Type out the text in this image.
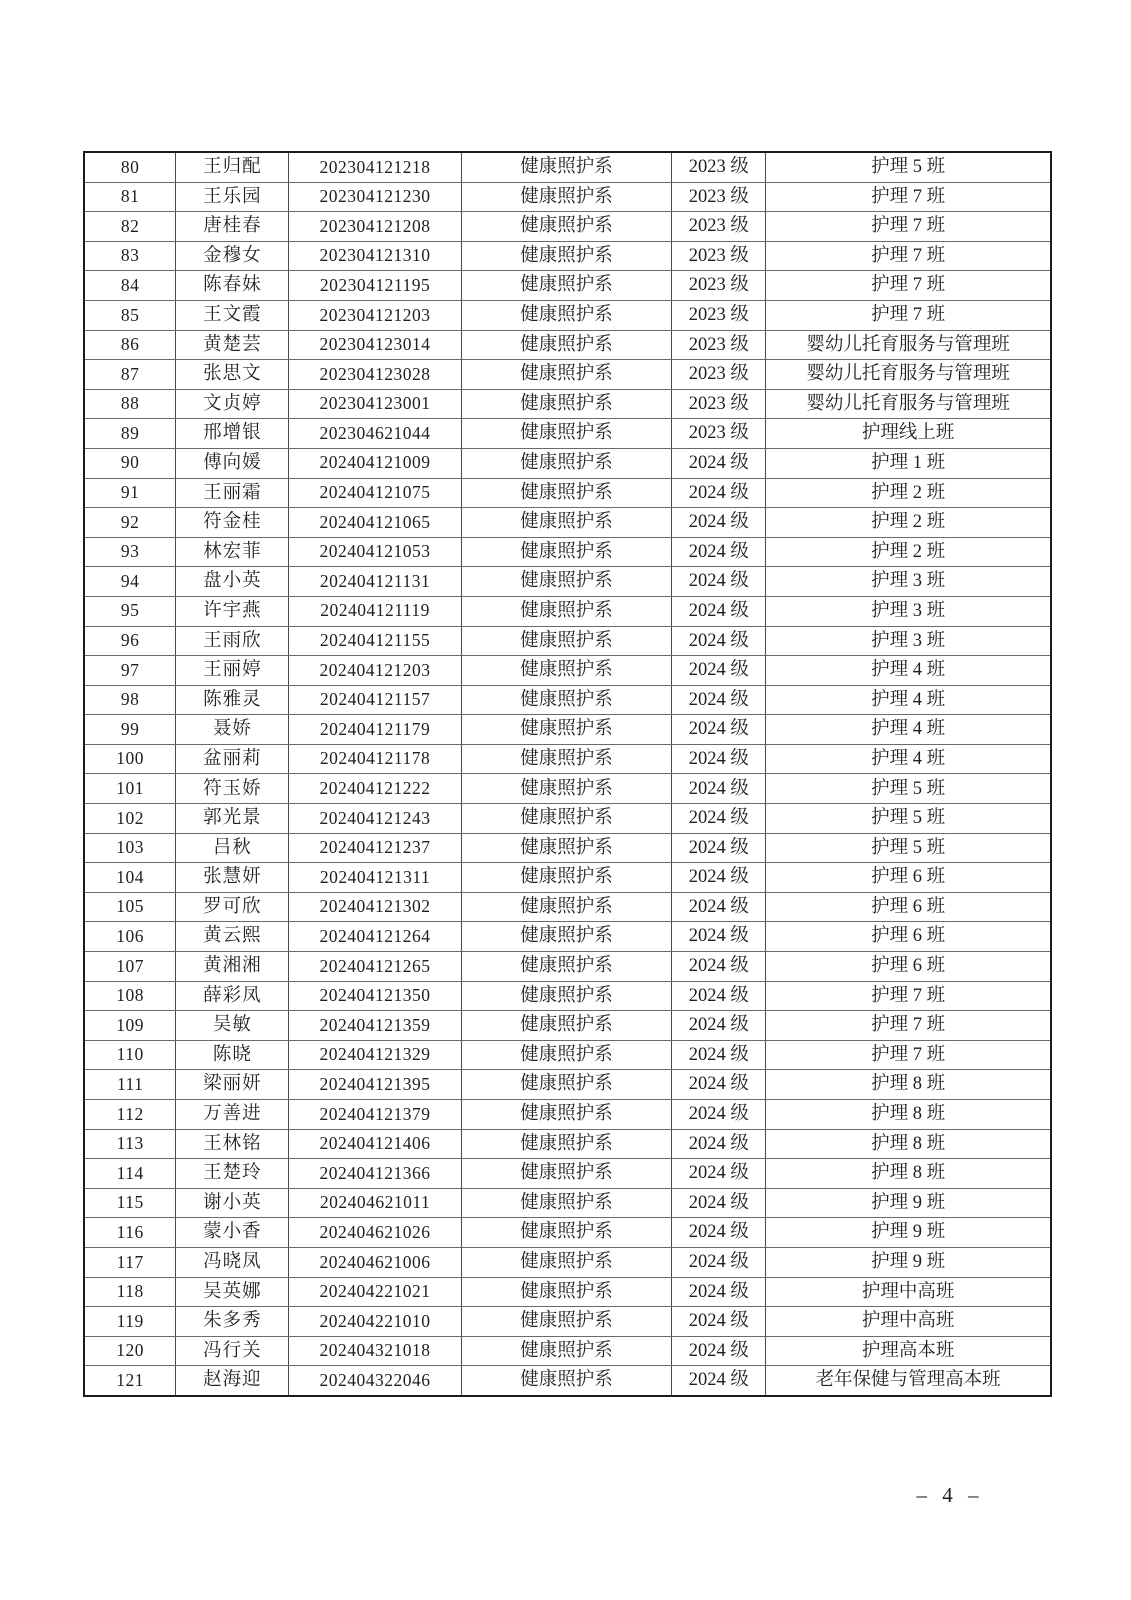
80	王归配	202304121218	健康照护系	2023 级	护理 5 班
81	王乐园	202304121230	健康照护系	2023 级	护理 7 班
82	唐桂春	202304121208	健康照护系	2023 级	护理 7 班
83	金穆女	202304121310	健康照护系	2023 级	护理 7 班
84	陈春妹	202304121195	健康照护系	2023 级	护理 7 班
85	王文霞	202304121203	健康照护系	2023 级	护理 7 班
86	黄楚芸	202304123014	健康照护系	2023 级	婴幼儿托育服务与管理班
87	张思文	202304123028	健康照护系	2023 级	婴幼儿托育服务与管理班
88	文贞婷	202304123001	健康照护系	2023 级	婴幼儿托育服务与管理班
89	邢增银	202304621044	健康照护系	2023 级	护理线上班
90	傅向媛	202404121009	健康照护系	2024 级	护理 1 班
91	王丽霜	202404121075	健康照护系	2024 级	护理 2 班
92	符金桂	202404121065	健康照护系	2024 级	护理 2 班
93	林宏菲	202404121053	健康照护系	2024 级	护理 2 班
94	盘小英	202404121131	健康照护系	2024 级	护理 3 班
95	许宇燕	202404121119	健康照护系	2024 级	护理 3 班
96	王雨欣	202404121155	健康照护系	2024 级	护理 3 班
97	王丽婷	202404121203	健康照护系	2024 级	护理 4 班
98	陈雅灵	202404121157	健康照护系	2024 级	护理 4 班
99	聂娇	202404121179	健康照护系	2024 级	护理 4 班
100	盆丽莉	202404121178	健康照护系	2024 级	护理 4 班
101	符玉娇	202404121222	健康照护系	2024 级	护理 5 班
102	郭光景	202404121243	健康照护系	2024 级	护理 5 班
103	吕秋	202404121237	健康照护系	2024 级	护理 5 班
104	张慧妍	202404121311	健康照护系	2024 级	护理 6 班
105	罗可欣	202404121302	健康照护系	2024 级	护理 6 班
106	黄云熙	202404121264	健康照护系	2024 级	护理 6 班
107	黄湘湘	202404121265	健康照护系	2024 级	护理 6 班
108	薛彩凤	202404121350	健康照护系	2024 级	护理 7 班
109	吴敏	202404121359	健康照护系	2024 级	护理 7 班
110	陈晓	202404121329	健康照护系	2024 级	护理 7 班
111	梁丽妍	202404121395	健康照护系	2024 级	护理 8 班
112	万善进	202404121379	健康照护系	2024 级	护理 8 班
113	王林铭	202404121406	健康照护系	2024 级	护理 8 班
114	王楚玲	202404121366	健康照护系	2024 级	护理 8 班
115	谢小英	202404621011	健康照护系	2024 级	护理 9 班
116	蒙小香	202404621026	健康照护系	2024 级	护理 9 班
117	冯晓凤	202404621006	健康照护系	2024 级	护理 9 班
118	吴英娜	202404221021	健康照护系	2024 级	护理中高班
119	朱多秀	202404221010	健康照护系	2024 级	护理中高班
120	冯行关	202404321018	健康照护系	2024 级	护理高本班
121	赵海迎	202404322046	健康照护系	2024 级	老年保健与管理高本班
– 4 –
